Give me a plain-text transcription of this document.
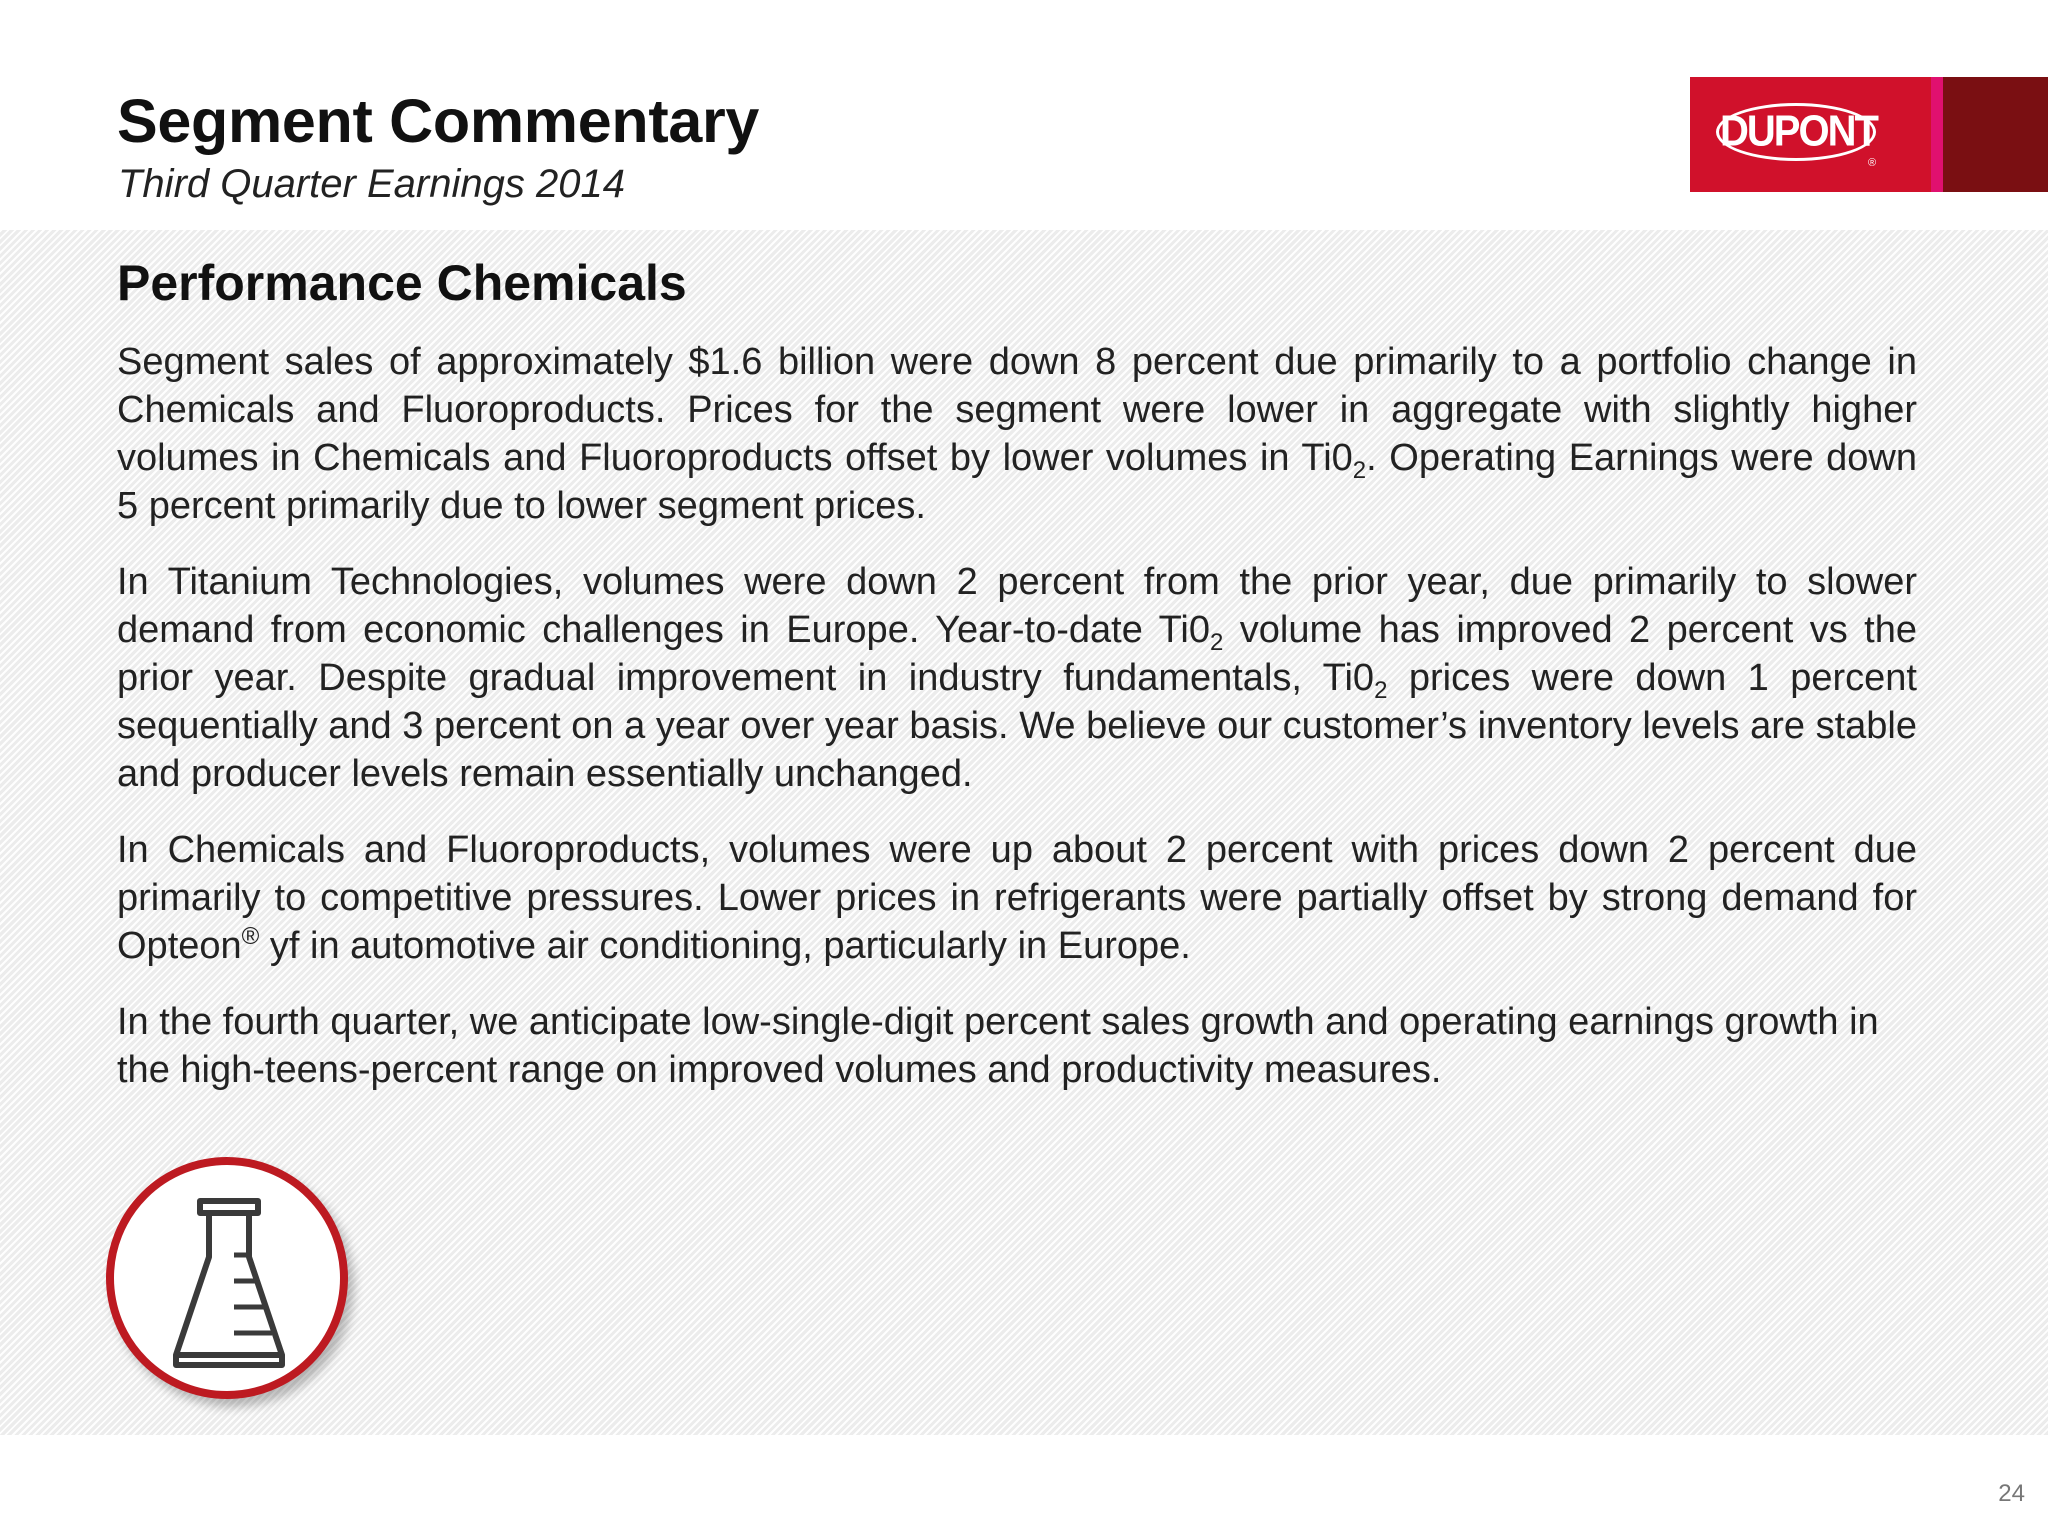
Segment Commentary
Third Quarter Earnings 2014
DUPONT
®
Performance Chemicals

Segment sales of approximately $1.6 billion were down 8 percent due primarily to a portfolio change in Chemicals and Fluoroproducts. Prices for the segment were lower in aggregate with slightly higher volumes in Chemicals and Fluoroproducts offset by lower volumes in $Ti0_2$. Operating Earnings were down 5 percent primarily due to lower segment prices.

In Titanium Technologies, volumes were down 2 percent from the prior year, due primarily to slower demand from economic challenges in Europe. Year-to-date $Ti0_2$ volume has improved 2 percent vs the prior year. Despite gradual improvement in industry fundamentals, $Ti0_2$ prices were down 1 percent sequentially and 3 percent on a year over year basis. We believe our customer’s inventory levels are stable and producer levels remain essentially unchanged.

In Chemicals and Fluoroproducts, volumes were up about 2 percent with prices down 2 percent due primarily to competitive pressures. Lower prices in refrigerants were partially offset by strong demand for Opteon® yf in automotive air conditioning, particularly in Europe.

In the fourth quarter, we anticipate low-single-digit percent sales growth and operating earnings growth in the high-teens-percent range on improved volumes and productivity measures.

24
